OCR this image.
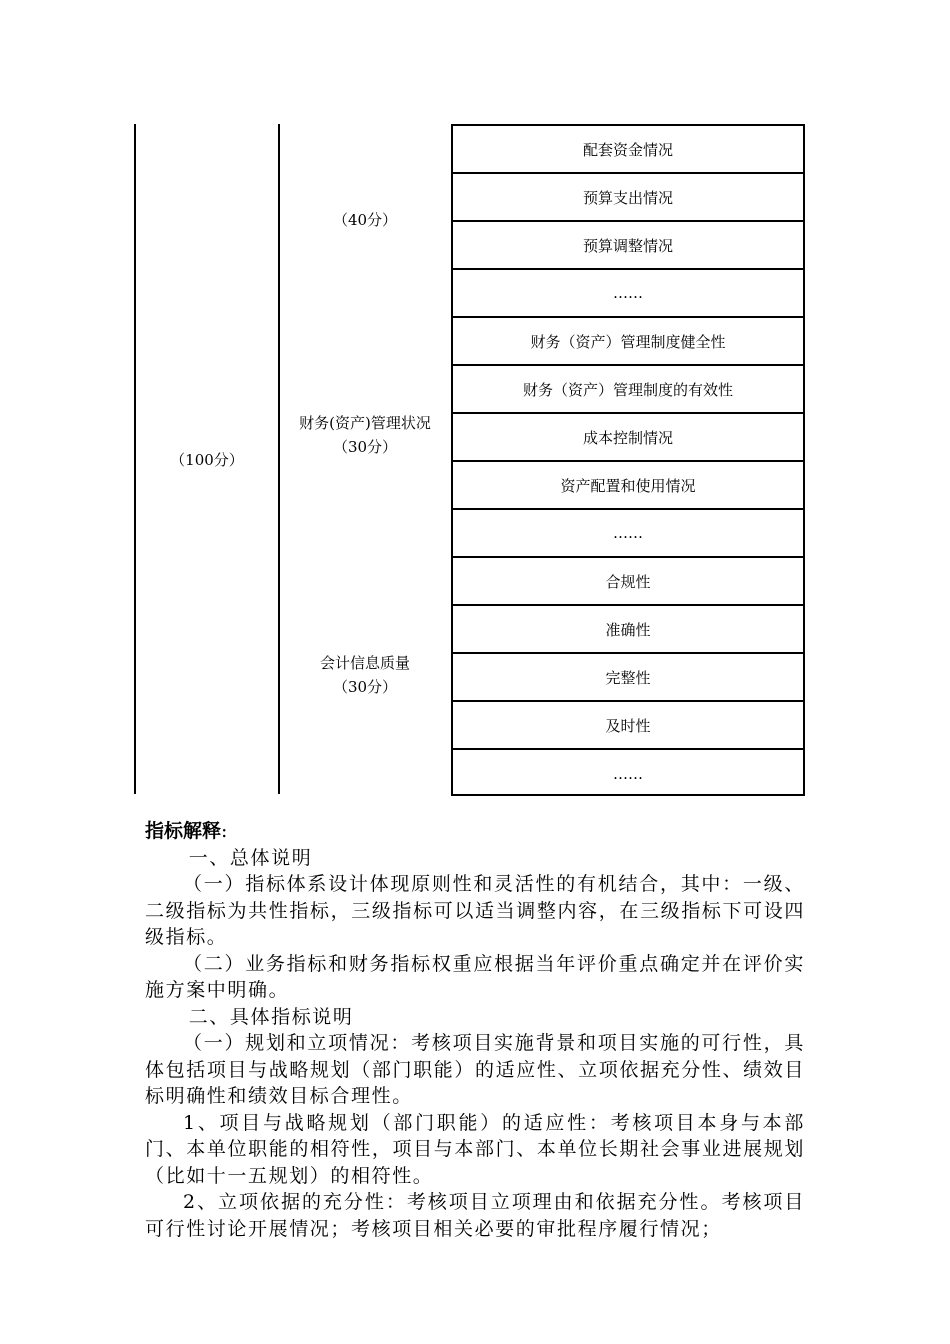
（100分）
（40分）
财务(资产)管理状况
（30分）
会计信息质量
（30分）
配套资金情况
预算支出情况
预算调整情况
……
财务（资产）管理制度健全性
财务（资产）管理制度的有效性
成本控制情况
资产配置和使用情况
……
合规性
准确性
完整性
及时性
……

指标解释:

一、总体说明

（一）指标体系设计体现原则性和灵活性的有机结合，其中：一级、二级指标为共性指标，三级指标可以适当调整内容，在三级指标下可设四级指标。

（二）业务指标和财务指标权重应根据当年评价重点确定并在评价实施方案中明确。

二、具体指标说明

（一）规划和立项情况：考核项目实施背景和项目实施的可行性，具体包括项目与战略规划（部门职能）的适应性、立项依据充分性、绩效目标明确性和绩效目标合理性。

1、项目与战略规划（部门职能）的适应性：考核项目本身与本部门、本单位职能的相符性，项目与本部门、本单位长期社会事业进展规划（比如十一五规划）的相符性。

2、立项依据的充分性：考核项目立项理由和依据充分性。考核项目可行性讨论开展情况；考核项目相关必要的审批程序履行情况；
